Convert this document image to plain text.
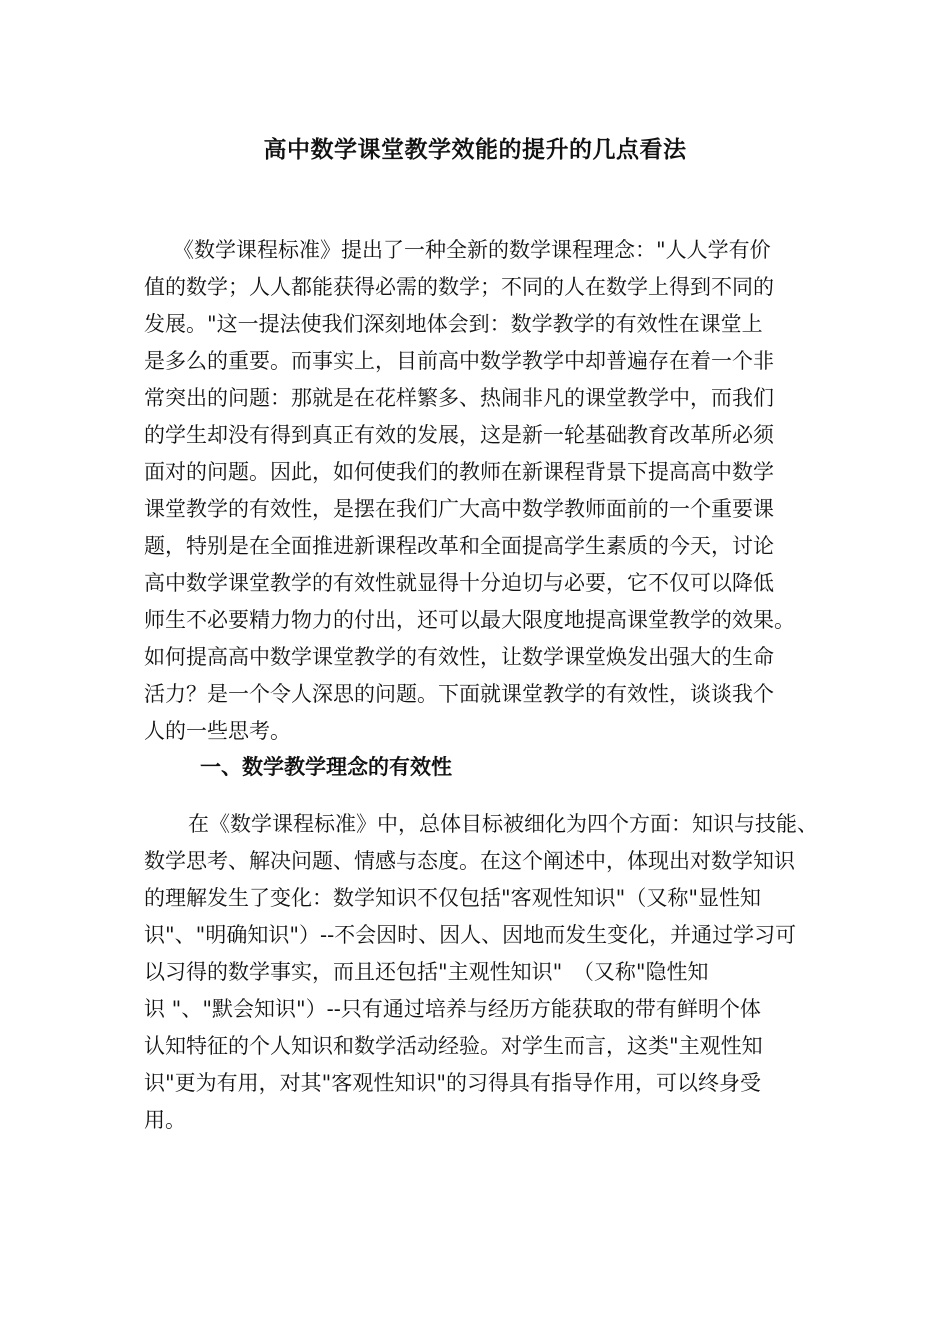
高中数学课堂教学效能的提升的几点看法
《数学课程标准》提出了一种全新的数学课程理念："人人学有价
值的数学；人人都能获得必需的数学；不同的人在数学上得到不同的
发展。"这一提法使我们深刻地体会到：数学教学的有效性在课堂上
是多么的重要。而事实上，目前高中数学教学中却普遍存在着一个非
常突出的问题：那就是在花样繁多、热闹非凡的课堂教学中，而我们
的学生却没有得到真正有效的发展，这是新一轮基础教育改革所必须
面对的问题。因此，如何使我们的教师在新课程背景下提高高中数学
课堂教学的有效性，是摆在我们广大高中数学教师面前的一个重要课
题，特别是在全面推进新课程改革和全面提高学生素质的今天，讨论
高中数学课堂教学的有效性就显得十分迫切与必要，它不仅可以降低
师生不必要精力物力的付出，还可以最大限度地提高课堂教学的效果。
如何提高高中数学课堂教学的有效性，让数学课堂焕发出强大的生命
活力？是一个令人深思的问题。下面就课堂教学的有效性，谈谈我个
人的一些思考。
一、数学教学理念的有效性
在《数学课程标准》中，总体目标被细化为四个方面：知识与技能、
数学思考、解决问题、情感与态度。在这个阐述中，体现出对数学知识
的理解发生了变化：数学知识不仅包括"客观性知识"（又称"显性知
识"、"明确知识"）--不会因时、因人、因地而发生变化，并通过学习可
以习得的数学事实，而且还包括"主观性知识"　（又称"隐性知
识 "、"默会知识"）--只有通过培养与经历方能获取的带有鲜明个体
认知特征的个人知识和数学活动经验。对学生而言，这类"主观性知
识"更为有用，对其"客观性知识"的习得具有指导作用，可以终身受
用。
